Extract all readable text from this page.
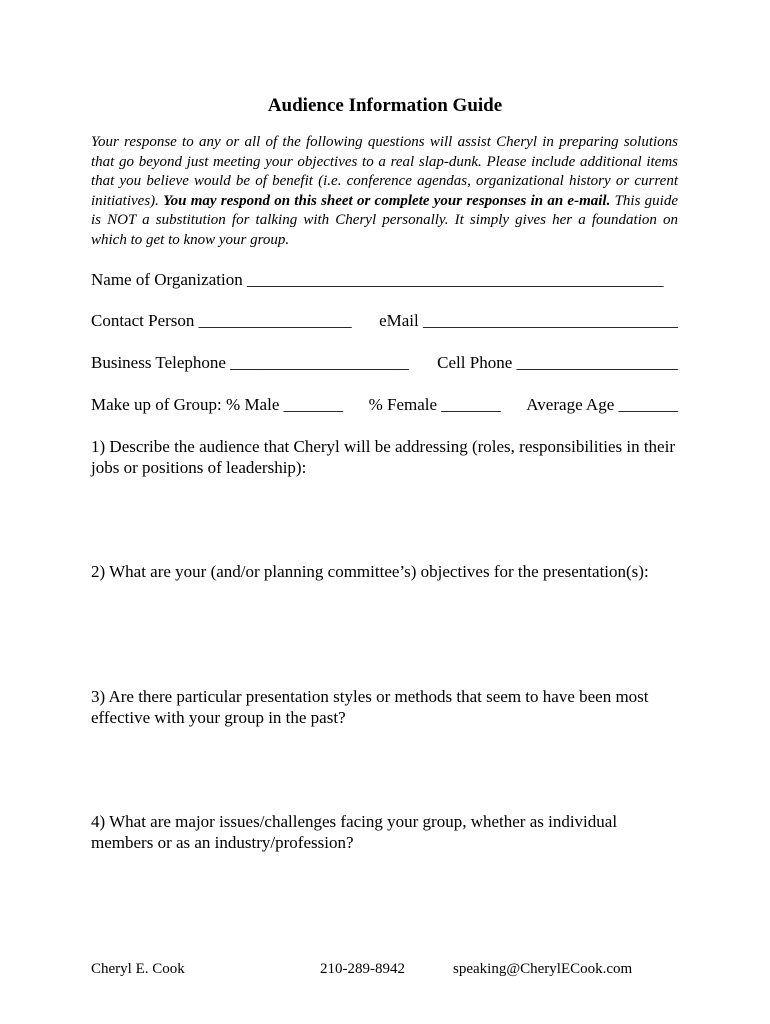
Audience Information Guide
Your response to any or all of the following questions will assist Cheryl in preparing solutions that go beyond just meeting your objectives to a real slap-dunk. Please include additional items that you believe would be of benefit (i.e. conference agendas, organizational history or current initiatives). You may respond on this sheet or complete your responses in an e-mail. This guide is NOT a substitution for talking with Cheryl personally. It simply gives her a foundation on which to get to know your group.
Name of Organization _________________________________________________
Contact Person __________________ eMail ______________________________
Business Telephone _____________________ Cell Phone ___________________
Make up of Group: % Male _______ % Female _______ Average Age _______
1) Describe the audience that Cheryl will be addressing (roles, responsibilities in their jobs or positions of leadership):
2) What are your (and/or planning committee’s) objectives for the presentation(s):
3) Are there particular presentation styles or methods that seem to have been most effective with your group in the past?
4) What are major issues/challenges facing your group, whether as individual members or as an industry/profession?
Cheryl E. Cook	210-289-8942	speaking@CherylECook.com
